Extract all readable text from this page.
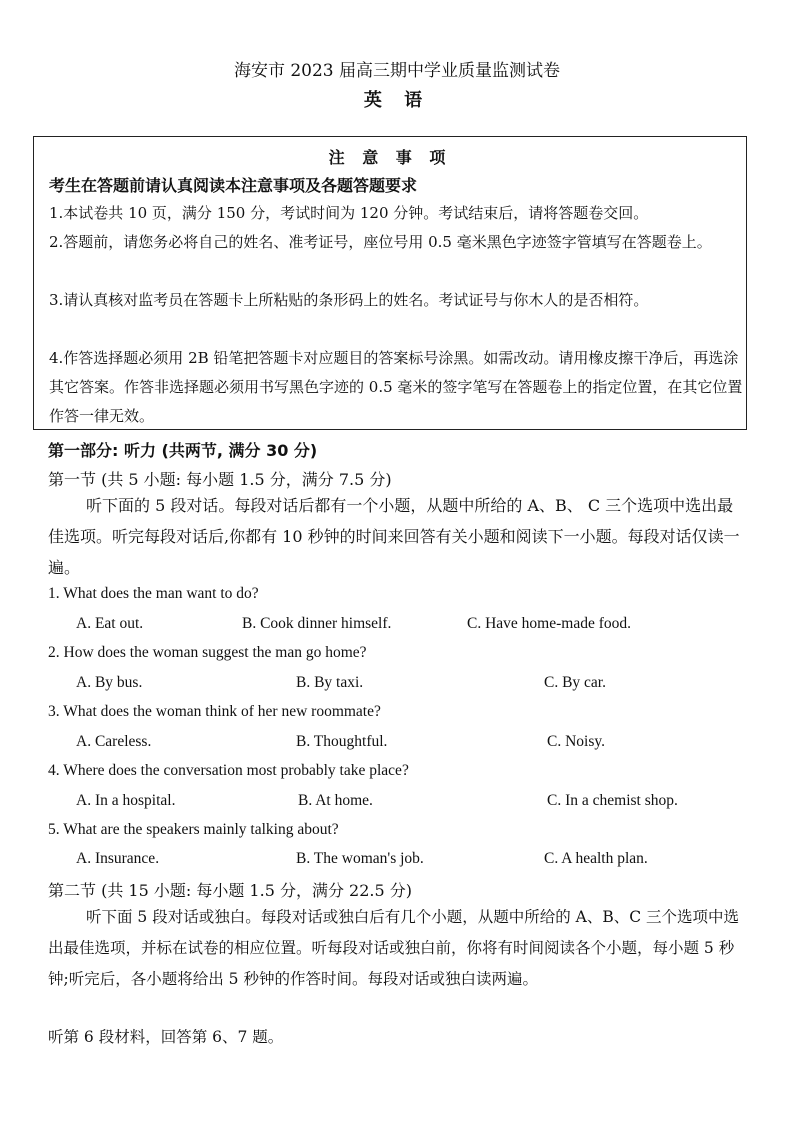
海安市 2023 届高三期中学业质量监测试卷
英 语
注 意 事 项
考生在答题前请认真阅读本注意事项及各题答题要求
1.本试卷共 10 页，满分 150 分，考试时间为 120 分钟。考试结束后，请将答题卷交回。
2.答题前，请您务必将自己的姓名、准考证号，座位号用 0.5 毫米黑色字迹签字管填写在答题卷上。
3.请认真核对监考员在答题卡上所粘贴的条形码上的姓名。考试证号与你木人的是否相符。
4.作答选择题必须用 2B 铅笔把答题卡对应题目的答案标号涂黑。如需改动。请用橡皮擦干净后，再选涂其它答案。作答非选择题必须用书写黑色字迹的 0.5 毫米的签字笔写在答题卷上的指定位置，在其它位置作答一律无效。
第一部分: 听力 (共两节, 满分 30 分)
第一节 (共 5 小题: 每小题 1.5 分，满分 7.5 分)
听下面的 5 段对话。每段对话后都有一个小题，从题中所给的 A、B、 C 三个选项中选出最佳选项。听完每段对话后,你都有 10 秒钟的时间来回答有关小题和阅读下一小题。每段对话仅读一遍。
1. What does the man want to do?
A. Eat out.	B. Cook dinner himself.	C. Have home-made food.
2. How does the woman suggest the man go home?
A. By bus.	B. By taxi.	C. By car.
3. What does the woman think of her new roommate?
A. Careless.	B. Thoughtful.	C. Noisy.
4. Where does the conversation most probably take place?
A. In a hospital.	B. At home.	C. In a chemist shop.
5. What are the speakers mainly talking about?
A. Insurance.	B. The woman's job.	C. A health plan.
第二节 (共 15 小题: 每小题 1.5 分，满分 22.5 分)
听下面 5 段对话或独白。每段对话或独白后有几个小题，从题中所给的 A、B、C 三个选项中选出最佳选项，并标在试卷的相应位置。听每段对话或独白前，你将有时间阅读各个小题，每小题 5 秒钟;听完后，各小题将给出 5 秒钟的作答时间。每段对话或独白读两遍。
听第 6 段材料，回答第 6、7 题。
